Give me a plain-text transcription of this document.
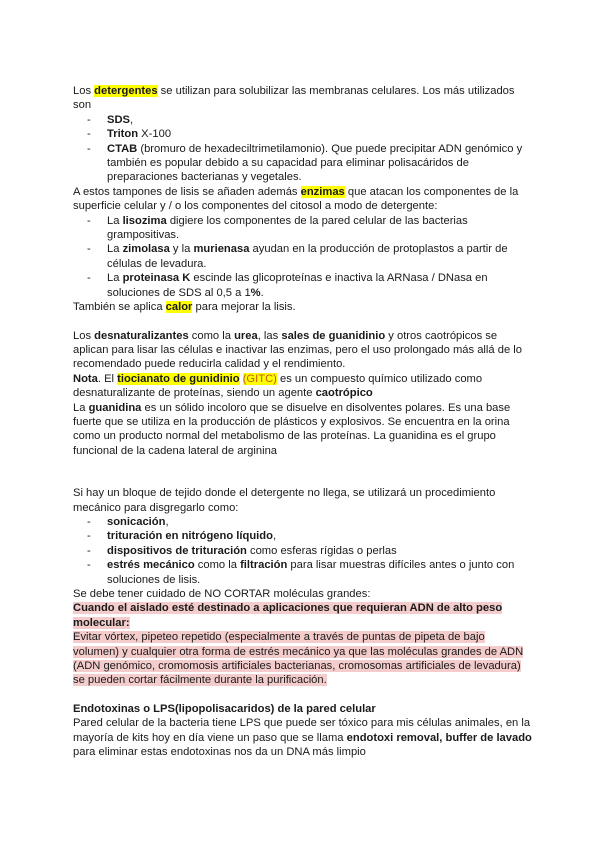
Los detergentes se utilizan para solubilizar las membranas celulares. Los más utilizados son

- SDS,
- Triton X-100
- CTAB (bromuro de hexadeciltrimetilamonio). Que puede precipitar ADN genómico y también es popular debido a su capacidad para eliminar polisacáridos de preparaciones bacterianas y vegetales.

A estos tampones de lisis se añaden además enzimas que atacan los componentes de la superficie celular y / o los componentes del citosol a modo de detergente:

- La lisozima digiere los componentes de la pared celular de las bacterias grampositivas.
- La zimolasa y la murienasa ayudan en la producción de protoplastos a partir de células de levadura.
- La proteinasa K escinde las glicoproteínas e inactiva la ARNasa / DNasa en soluciones de SDS al 0,5 a 1%.

También se aplica calor para mejorar la lisis.

Los desnaturalizantes como la urea, las sales de guanidinio y otros caotrópicos se aplican para lisar las células e inactivar las enzimas, pero el uso prolongado más allá de lo recomendado puede reducirla calidad y el rendimiento.

Nota. El tiocianato de gunidinio (GITC) es un compuesto químico utilizado como desnaturalizante de proteínas, siendo un agente caotrópico

La guanidina es un sólido incoloro que se disuelve en disolventes polares. Es una base fuerte que se utiliza en la producción de plásticos y explosivos. Se encuentra en la orina como un producto normal del metabolismo de las proteínas. La guanidina es el grupo funcional de la cadena lateral de arginina

Si hay un bloque de tejido donde el detergente no llega, se utilizará un procedimiento mecánico para disgregarlo como:

- sonicación,
- trituración en nitrógeno líquido,
- dispositivos de trituración como esferas rígidas o perlas
- estrés mecánico como la filtración para lisar muestras difíciles antes o junto con soluciones de lisis.

Se debe tener cuidado de NO CORTAR moléculas grandes:

Cuando el aislado esté destinado a aplicaciones que requieran ADN de alto peso molecular:

Evitar vórtex, pipeteo repetido (especialmente a través de puntas de pipeta de bajo volumen) y cualquier otra forma de estrés mecánico ya que las moléculas grandes de ADN (ADN genómico, cromomosis artificiales bacterianas, cromosomas artificiales de levadura) se pueden cortar fácilmente durante la purificación.

Endotoxinas o LPS(lipopolisacaridos) de la pared celular

Pared celular de la bacteria tiene LPS que puede ser tóxico para mis células animales, en la mayoría de kits hoy en día viene un paso que se llama endotoxi removal, buffer de lavado para eliminar estas endotoxinas nos da un DNA más limpio
